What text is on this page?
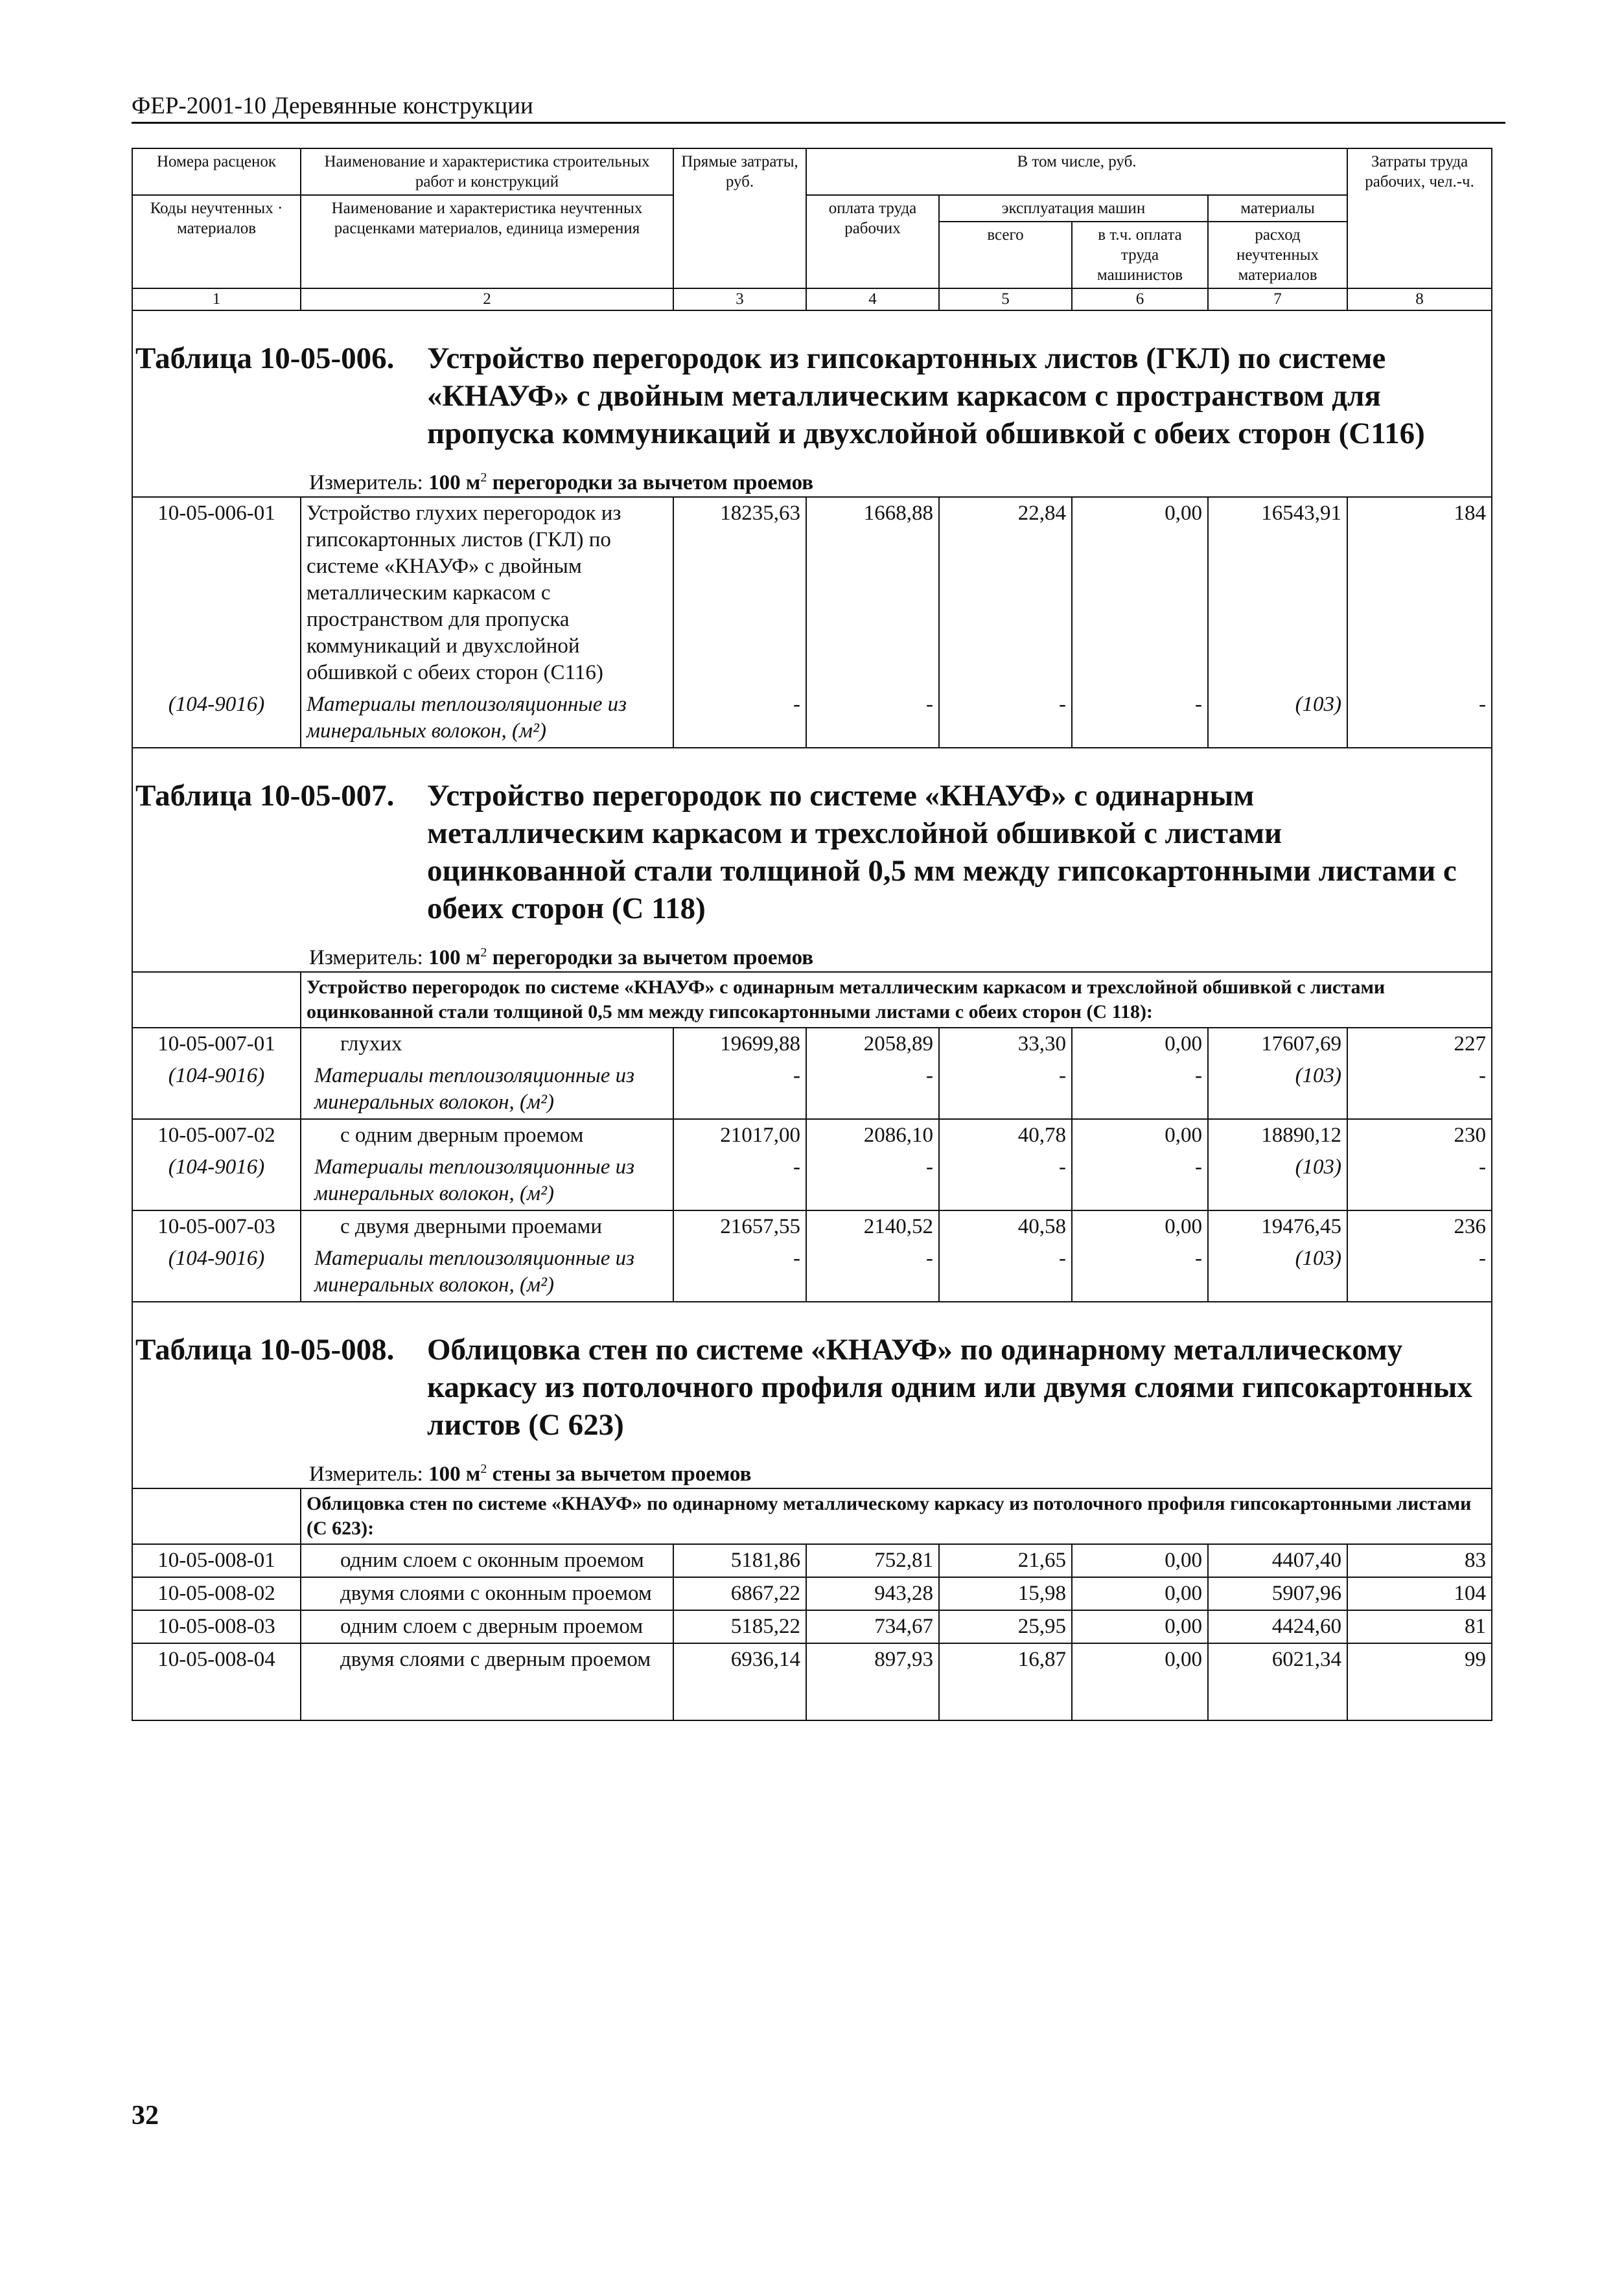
ФЕР-2001-10 Деревянные конструкции
Номера расценок	Наименование и характеристика строительных работ и конструкций	Прямые затраты, руб.	В том числе, руб.				Затраты труда рабочих, чел.-ч.
Коды неучтенных · материалов	Наименование и характеристика неучтенных расценками материалов, единица измерения		оплата труда рабочих	эксплуатация машин		материалы	
				всего	в т.ч. оплата труда машинистов	расход неучтенных материалов	
1	2	3	4	5	6	7	8

Таблица 10-05-006. Устройство перегородок из гипсокартонных листов (ГКЛ) по системе «КНАУФ» с двойным металлическим каркасом с пространством для пропуска коммуникаций и двухслойной обшивкой с обеих сторон (С116)
Измеритель: 100 $м^2$ перегородки за вычетом проемов							

10-05-006-01	Устройство глухих перегородок из гипсокартонных листов (ГКЛ) по системе «КНАУФ» с двойным металлическим каркасом с пространством для пропуска коммуникаций и двухслойной обшивкой с обеих сторон (С116)	18235,63	1668,88	22,84	0,00	16543,91	184
(104-9016)	Материалы теплоизоляционные из минеральных волокон, (м²)	-	-	-	-	(103)	-

Таблица 10-05-007. Устройство перегородок по системе «КНАУФ» с одинарным металлическим каркасом и трехслойной обшивкой с листами оцинкованной стали толщиной 0,5 мм между гипсокартонными листами с обеих сторон (С 118)
Измеритель: 100 $м^2$ перегородки за вычетом проемов							

	Устройство перегородок по системе «КНАУФ» с одинарным металлическим каркасом и трехслойной обшивкой с листами оцинкованной стали толщиной 0,5 мм между гипсокартонными листами с обеих сторон (С 118):						
10-05-007-01	глухих	19699,88	2058,89	33,30	0,00	17607,69	227
(104-9016)	Материалы теплоизоляционные из минеральных волокон, (м²)	-	-	-	-	(103)	-
10-05-007-02	с одним дверным проемом	21017,00	2086,10	40,78	0,00	18890,12	230
(104-9016)	Материалы теплоизоляционные из минеральных волокон, (м²)	-	-	-	-	(103)	-
10-05-007-03	с двумя дверными проемами	21657,55	2140,52	40,58	0,00	19476,45	236
(104-9016)	Материалы теплоизоляционные из минеральных волокон, (м²)	-	-	-	-	(103)	-

Таблица 10-05-008. Облицовка стен по системе «КНАУФ» по одинарному металлическому каркасу из потолочного профиля одним или двумя слоями гипсокартонных листов (С 623)
Измеритель: 100 $м^2$ стены за вычетом проемов							

	Облицовка стен по системе «КНАУФ» по одинарному металлическому каркасу из потолочного профиля гипсокартонными листами (С 623):						
10-05-008-01	одним слоем с оконным проемом	5181,86	752,81	21,65	0,00	4407,40	83
10-05-008-02	двумя слоями с оконным проемом	6867,22	943,28	15,98	0,00	5907,96	104
10-05-008-03	одним слоем с дверным проемом	5185,22	734,67	25,95	0,00	4424,60	81
10-05-008-04	двумя слоями с дверным проемом	6936,14	897,93	16,87	0,00	6021,34	99

32
